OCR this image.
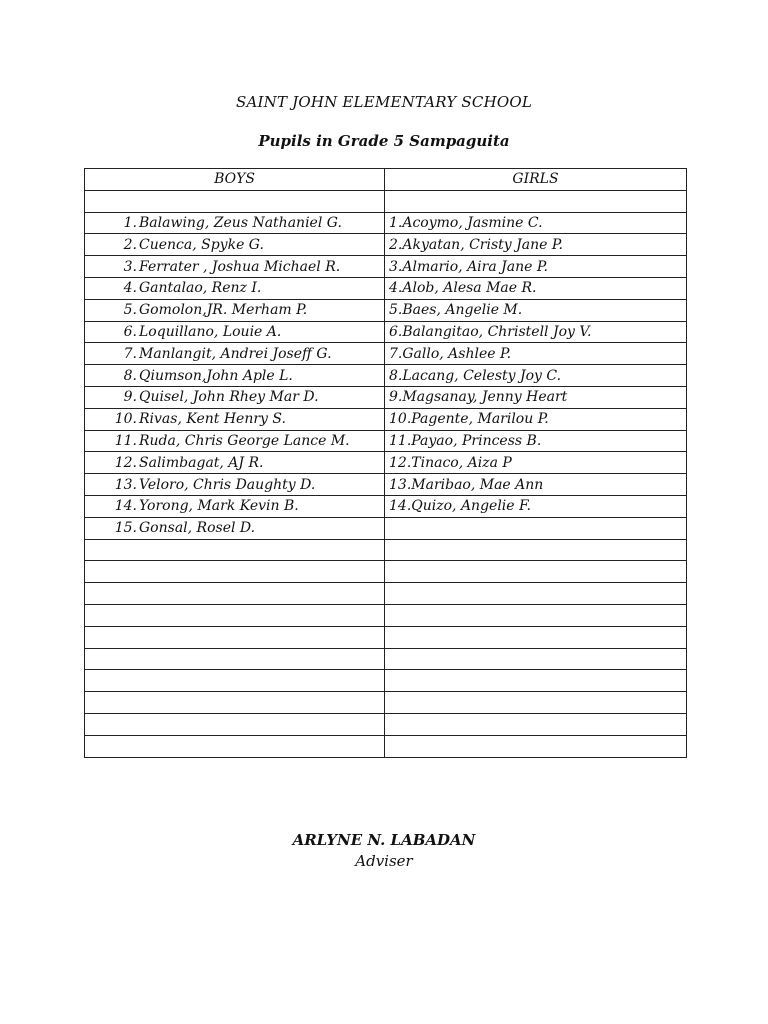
SAINT JOHN ELEMENTARY SCHOOL
Pupils in Grade 5 Sampaguita
BOYS	GIRLS

1. Balawing, Zeus Nathaniel G.	1.Acoymo, Jasmine C.
2. Cuenca, Spyke G.	2.Akyatan, Cristy Jane P.
3. Ferrater , Joshua Michael R.	3.Almario, Aira Jane P.
4. Gantalao, Renz I.	4.Alob, Alesa Mae R.
5. Gomolon,JR. Merham P.	5.Baes, Angelie M.
6. Loquillano, Louie A.	6.Balangitao, Christell Joy V.
7. Manlangit, Andrei Joseff G.	7.Gallo, Ashlee P.
8. Qiumson,John Aple L.	8.Lacang, Celesty Joy C.
9. Quisel, John Rhey Mar D.	9.Magsanay, Jenny Heart
10. Rivas, Kent Henry S.	10.Pagente, Marilou P.
11. Ruda, Chris George Lance M.	11.Payao, Princess B.
12. Salimbagat, AJ R.	12.Tinaco, Aiza P
13. Veloro, Chris Daughty D.	13.Maribao, Mae Ann
14. Yorong, Mark Kevin B.	14.Quizo, Angelie F.
15. Gonsal, Rosel D.	

ARLYNE N. LABADAN
Adviser
